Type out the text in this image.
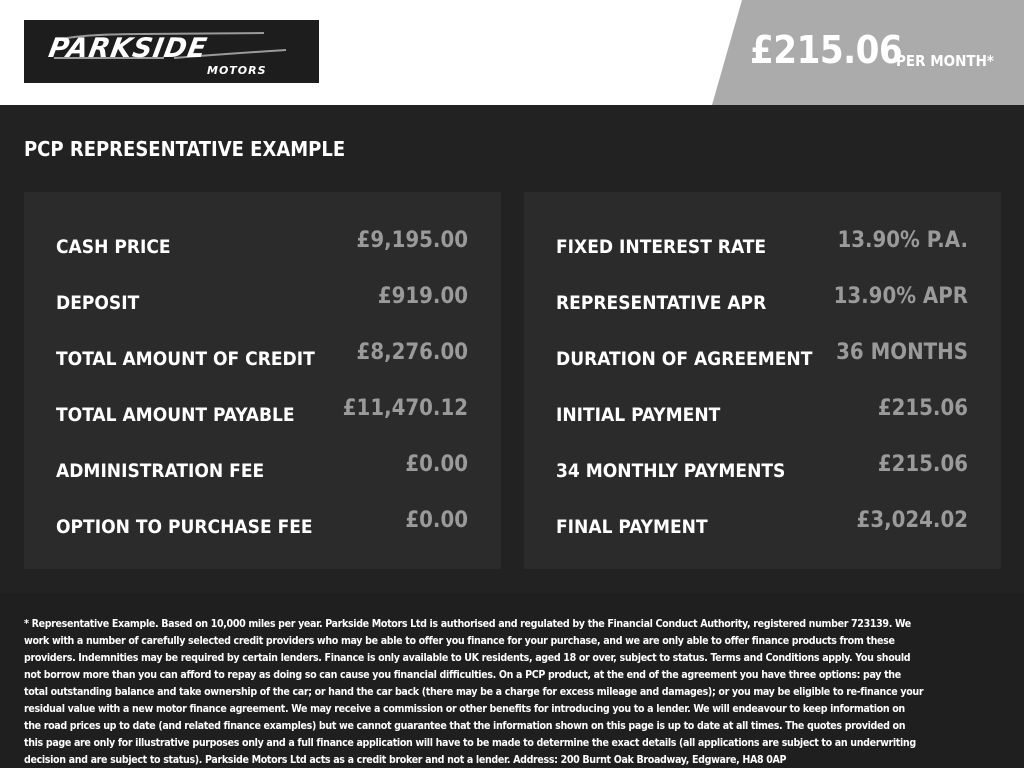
PARKSIDE
MOTORS	£215.06
PER MONTH*
PCP REPRESENTATIVE EXAMPLE
CASH PRICE	£9,195.00
DEPOSIT	£919.00
TOTAL AMOUNT OF CREDIT £8,276.00
TOTAL AMOUNT PAYABLE £11,470.12
ADMINISTRATION FEE	£0.00
OPTION TO PURCHASE FEE	£0.00
FIXED INTEREST RATE	13.90% P.A.
REPRESENTATIVE APR	13.90% APR
DURATION OF AGREEMENT 36 MONTHS
INITIAL PAYMENT	£215.06
34 MONTHLY PAYMENTS	£215.06
FINAL PAYMENT	£3,024.02

* Representative Example. Based on 10,000 miles per year. Parkside Motors Ltd is authorised and regulated by the Financial Conduct Authority, registered number 723139. We work with a number of carefully selected credit providers who may be able to offer you finance for your purchase, and we are only able to offer finance products from these providers. Indemnities may be required by certain lenders. Finance is only available to UK residents, aged 18 or over, subject to status. Terms and Conditions apply. You should not borrow more than you can afford to repay as doing so can cause you financial difficulties. On a PCP product, at the end of the agreement you have three options: pay the total outstanding balance and take ownership of the car; or hand the car back (there may be a charge for excess mileage and damages); or you may be eligible to re-finance your residual value with a new motor finance agreement. We may receive a commission or other benefits for introducing you to a lender. We will endeavour to keep information on the road prices up to date (and related finance examples) but we cannot guarantee that the information shown on this page is up to date at all times. The quotes provided on this page are only for illustrative purposes only and a full finance application will have to be made to determine the exact details (all applications are subject to an underwriting decision and are subject to status). Parkside Motors Ltd acts as a credit broker and not a lender. Address: 200 Burnt Oak Broadway, Edgware, HA8 0AP
